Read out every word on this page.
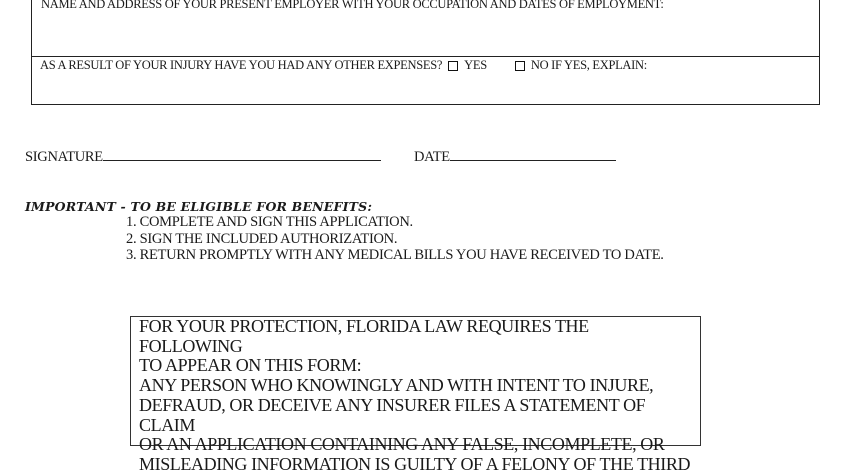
NAME AND ADDRESS OF YOUR PRESENT EMPLOYER WITH YOUR OCCUPATION AND DATES OF EMPLOYMENT:
AS A RESULT OF YOUR INJURY HAVE YOU HAD ANY OTHER EXPENSES? YES	NO IF YES, EXPLAIN:
SIGNATURE	DATE
IMPORTANT - TO BE ELIGIBLE FOR BENEFITS:
1. COMPLETE AND SIGN THIS APPLICATION.
2. SIGN THE INCLUDED AUTHORIZATION.
3. RETURN PROMPTLY WITH ANY MEDICAL BILLS YOU HAVE RECEIVED TO DATE.

FOR YOUR PROTECTION, FLORIDA LAW REQUIRES THE FOLLOWING
TO APPEAR ON THIS FORM:
ANY PERSON WHO KNOWINGLY AND WITH INTENT TO INJURE,
DEFRAUD, OR DECEIVE ANY INSURER FILES A STATEMENT OF CLAIM
OR AN APPLICATION CONTAINING ANY FALSE, INCOMPLETE, OR
MISLEADING INFORMATION IS GUILTY OF A FELONY OF THE THIRD
